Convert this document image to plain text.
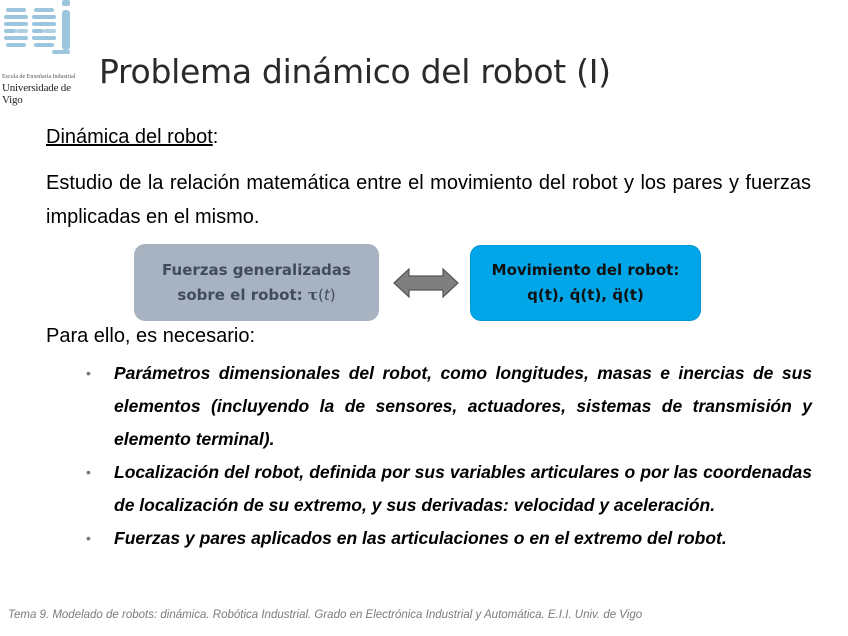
Escola de Enxeñaría Industrial
Universidade de Vigo
Problema dinámico del robot (I)
Dinámica del robot:
Estudio de la relación matemática entre el movimiento del robot y los pares y fuerzas implicadas en el mismo.
Fuerzas generalizadas
sobre el robot: τ(t)
Movimiento del robot:
q(t), q̇(t), q̈(t)
Para ello, es necesario:
• Parámetros dimensionales del robot, como longitudes, masas e inercias de sus elementos (incluyendo la de sensores, actuadores, sistemas de transmisión y elemento terminal).
• Localización del robot, definida por sus variables articulares o por las coordenadas de localización de su extremo, y sus derivadas: velocidad y aceleración.
• Fuerzas y pares aplicados en las articulaciones o en el extremo del robot.
Tema 9. Modelado de robots: dinámica. Robótica Industrial. Grado en Electrónica Industrial y Automática. E.I.I. Univ. de Vigo
